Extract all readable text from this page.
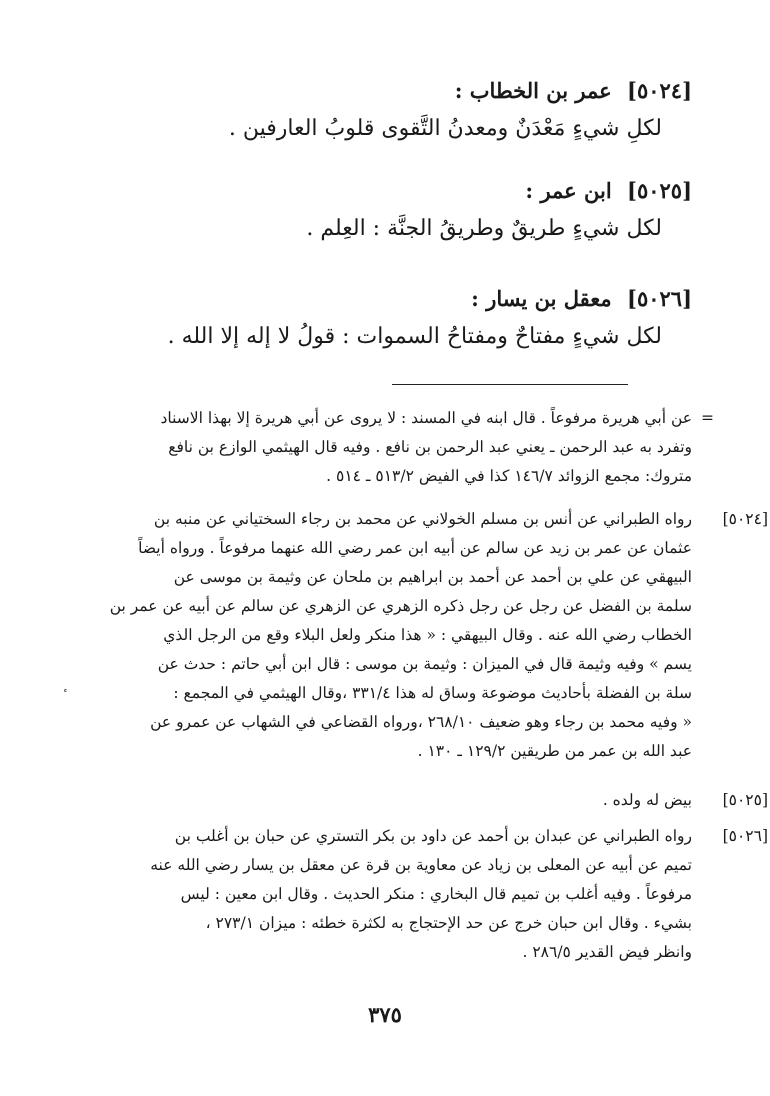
[٥٠٢٤] عمر بن الخطاب :
لكلِ شيءٍ مَعْدَنٌ ومعدنُ التَّقوى قلوبُ العارفين .
[٥٠٢٥] ابن عمر :
لكل شيءٍ طريقٌ وطريقُ الجنَّة : العِلم .
[٥٠٢٦] معقل بن يسار :
لكل شيءٍ مفتاحٌ ومفتاحُ السموات : قولُ لا إله إلا الله .
=
عن أبي هريرة مرفوعاً . قال ابنه في المسند : لا يروى عن أبي هريرة إلا بهذا الاسناد
وتفرد به عبد الرحمن ـ يعني عبد الرحمن بن نافع . وفيه قال الهيثمي الوازع بن نافع
متروك: مجمع الزوائد ١٤٦/٧ كذا في الفيض ٥١٣/٢ ـ ٥١٤ .
[٥٠٢٤]
رواه الطبراني عن أنس بن مسلم الخولاني عن محمد بن رجاء السختياني عن منبه بن
عثمان عن عمر بن زيد عن سالم عن أبيه ابن عمر رضي الله عنهما مرفوعاً . ورواه أيضاً
البيهقي عن علي بن أحمد عن أحمد بن ابراهيم بن ملحان عن وثيمة بن موسى عن
سلمة بن الفضل عن رجل عن رجل ذكره الزهري عن الزهري عن سالم عن أبيه عن عمر بن
الخطاب رضي الله عنه . وقال البيهقي : « هذا منكر ولعل البلاء وقع من الرجل الذي
يسم » وفيه وثيمة قال في الميزان : وثيمة بن موسى : قال ابن أبي حاتم : حدث عن
سلة بن الفضلة بأحاديث موضوعة وساق له هذا ٣٣١/٤ ،وقال الهيثمي في المجمع :
« وفيه محمد بن رجاء وهو ضعيف ٢٦٨/١٠ ،ورواه القضاعي في الشهاب عن عمرو عن
عبد الله بن عمر من طريقين ١٢٩/٢ ـ ١٣٠ .
[٥٠٢٥]
بيض له ولده .
[٥٠٢٦]
رواه الطبراني عن عبدان بن أحمد عن داود بن بكر التستري عن حبان بن أغلب بن
تميم عن أبيه عن المعلى بن زياد عن معاوية بن قرة عن معقل بن يسار رضي الله عنه
مرفوعاً . وفيه أغلب بن تميم قال البخاري : منكر الحديث . وقال ابن معين : ليس
بشيء . وقال ابن حبان خرج عن حد الإحتجاج به لكثرة خطئه : ميزان ٢٧٣/١ ،
وانظر فيض القدير ٢٨٦/٥ .
٣٧٥
